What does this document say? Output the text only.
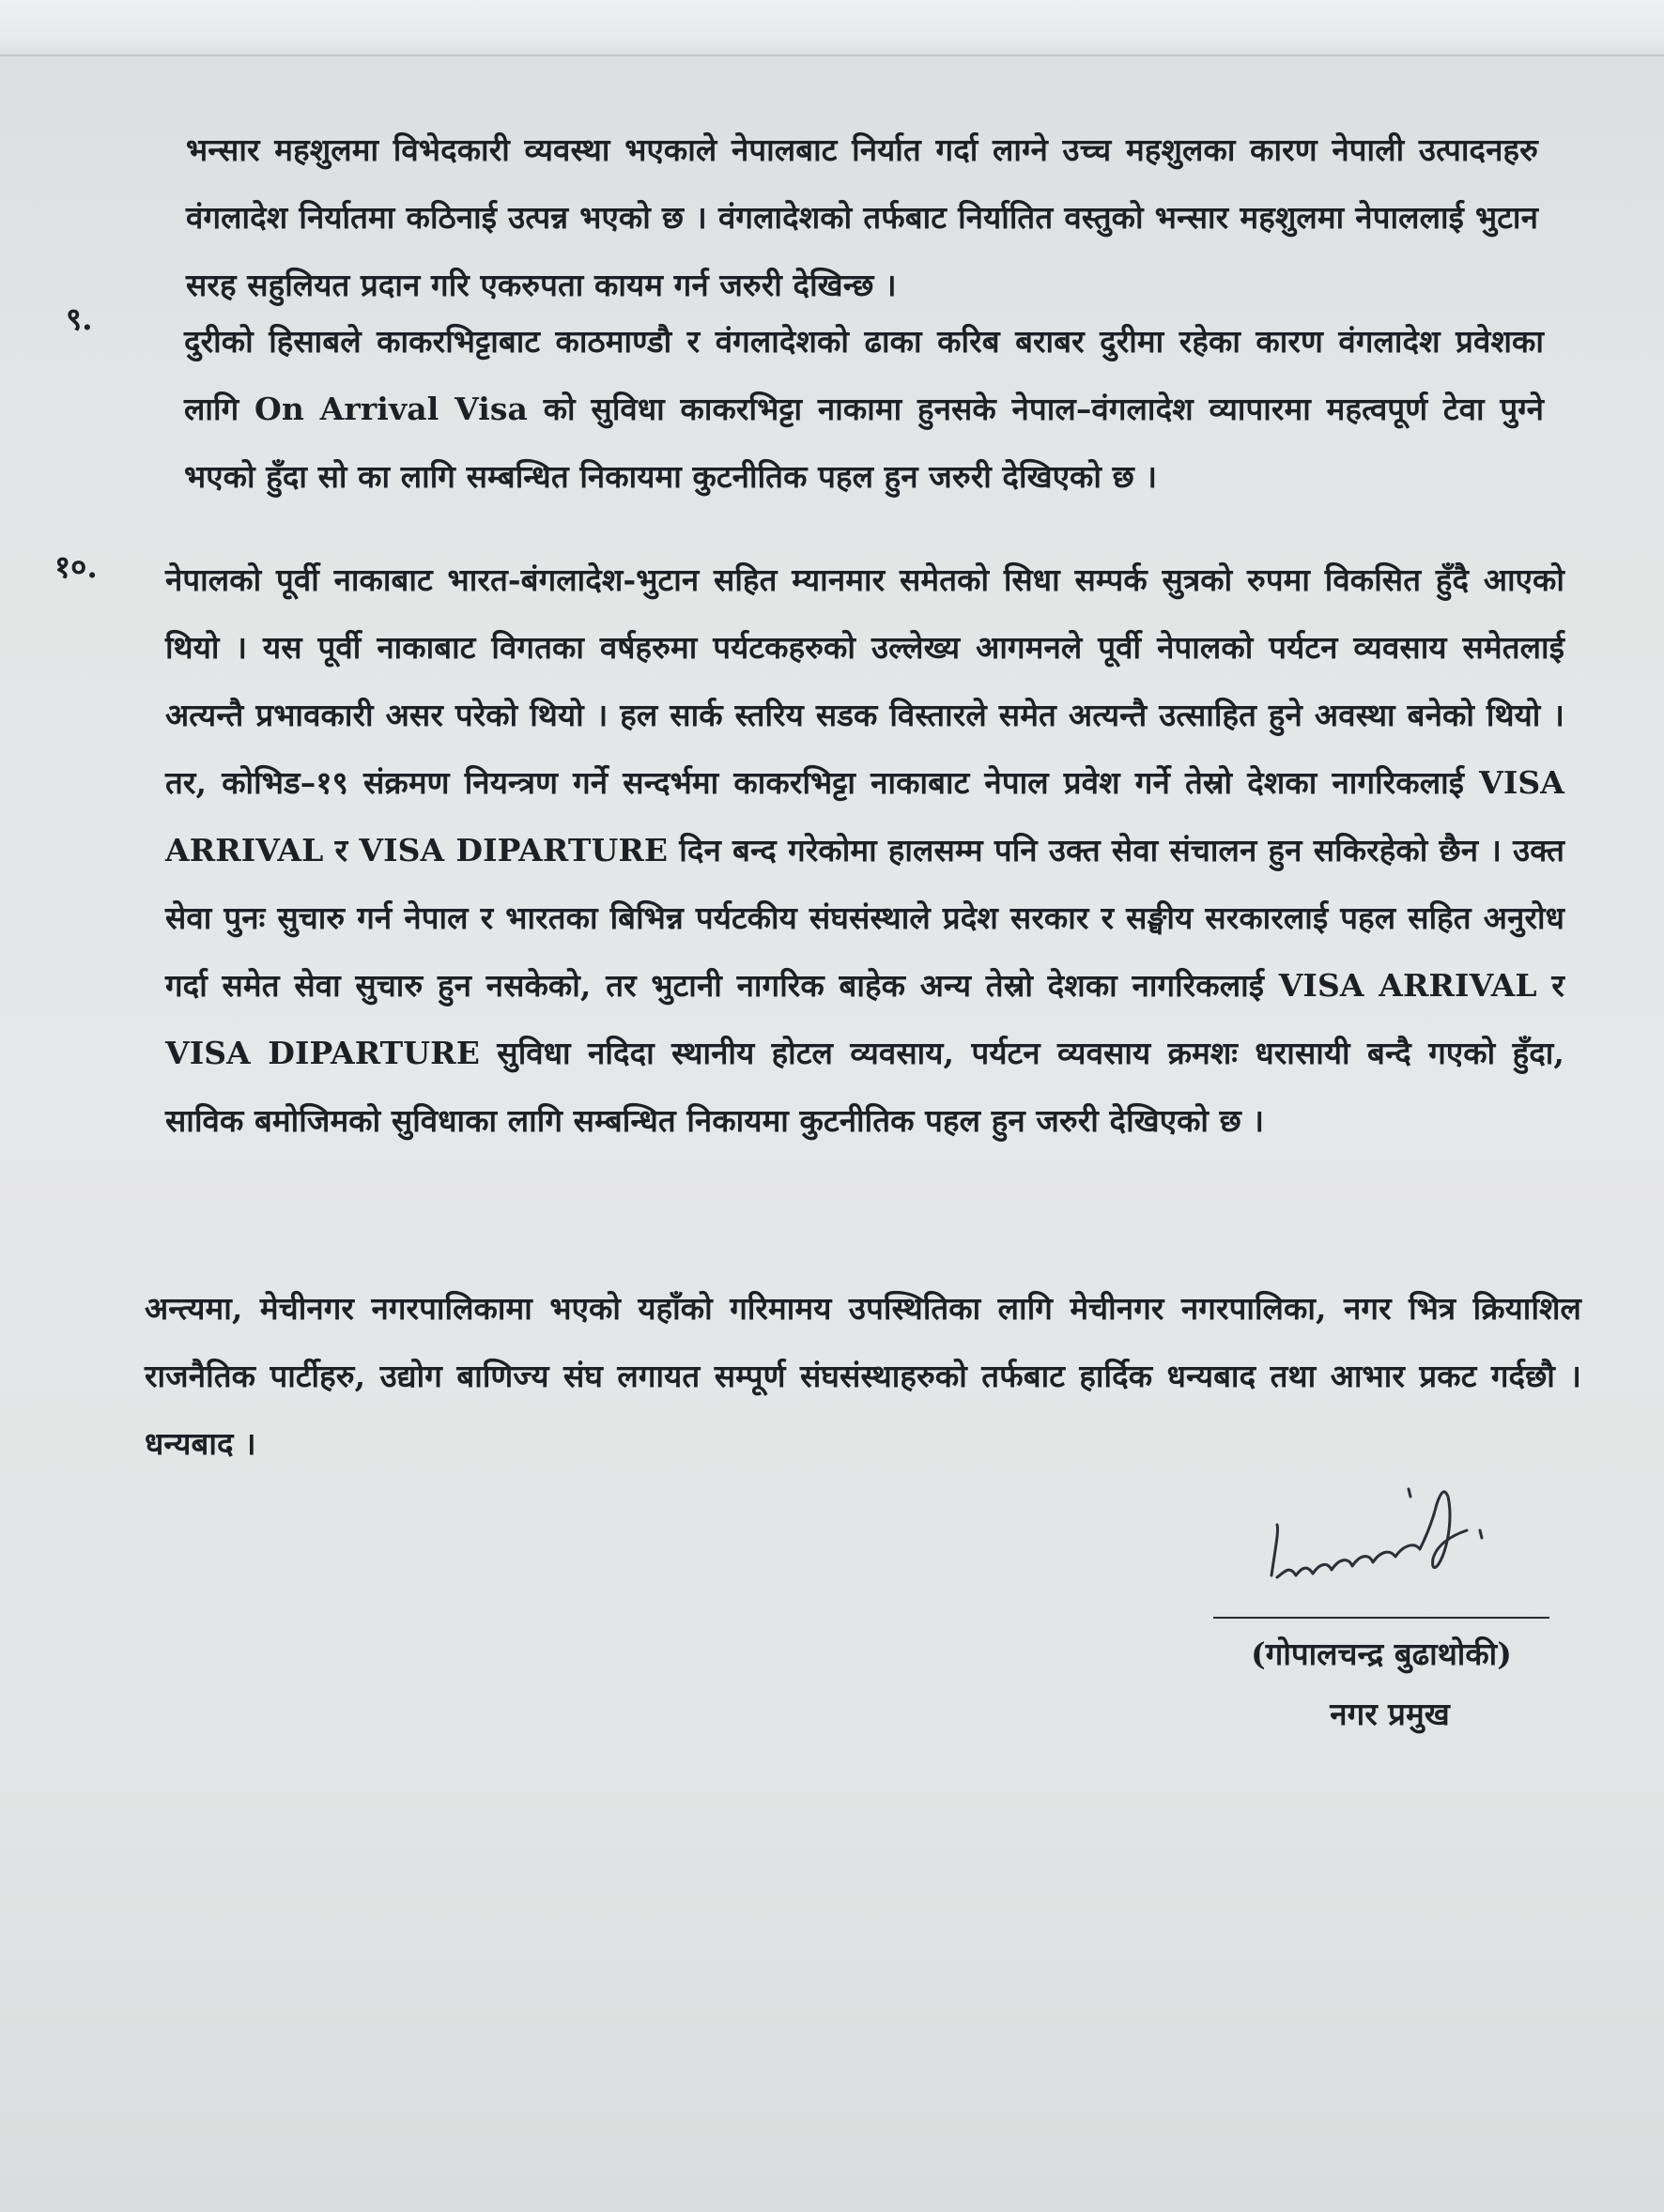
भन्सार महशुलमा विभेदकारी व्यवस्था भएकाले नेपालबाट निर्यात गर्दा लाग्ने उच्च महशुलका कारण नेपाली उत्पादनहरु वंगलादेश निर्यातमा कठिनाई उत्पन्न भएको छ । वंगलादेशको तर्फबाट निर्यातित वस्तुको भन्सार महशुलमा नेपाललाई भुटान सरह सहुलियत प्रदान गरि एकरुपता कायम गर्न जरुरी देखिन्छ ।
९.
दुरीको हिसाबले काकरभिट्टाबाट काठमाण्डौ र वंगलादेशको ढाका करिब बराबर दुरीमा रहेका कारण वंगलादेश प्रवेशका लागि On Arrival Visa को सुविधा काकरभिट्टा नाकामा हुनसके नेपाल–वंगलादेश व्यापारमा महत्वपूर्ण टेवा पुग्ने भएको हुँदा सो का लागि सम्बन्धित निकायमा कुटनीतिक पहल हुन जरुरी देखिएको छ ।
१०. नेपालको पूर्वी नाकाबाट भारत-बंगलादेश-भुटान सहित म्यानमार समेतको सिधा सम्पर्क सुत्रको रुपमा विकसित हुँदै आएको थियो । यस पूर्वी नाकाबाट विगतका वर्षहरुमा पर्यटकहरुको उल्लेख्य आगमनले पूर्वी नेपालको पर्यटन व्यवसाय समेतलाई अत्यन्तै प्रभावकारी असर परेको थियो । हल सार्क स्तरिय सडक विस्तारले समेत अत्यन्तै उत्साहित हुने अवस्था बनेको थियो । तर, कोभिड–१९ संक्रमण नियन्त्रण गर्ने सन्दर्भमा काकरभिट्टा नाकाबाट नेपाल प्रवेश गर्ने तेस्रो देशका नागरिकलाई VISA ARRIVAL र VISA DIPARTURE दिन बन्द गरेकोमा हालसम्म पनि उक्त सेवा संचालन हुन सकिरहेको छैन । उक्त सेवा पुनः सुचारु गर्न नेपाल र भारतका बिभिन्न पर्यटकीय संघसंस्थाले प्रदेश सरकार र सङ्घीय सरकारलाई पहल सहित अनुरोध गर्दा समेत सेवा सुचारु हुन नसकेको, तर भुटानी नागरिक बाहेक अन्य तेस्रो देशका नागरिकलाई VISA ARRIVAL र VISA DIPARTURE सुविधा नदिदा स्थानीय होटल व्यवसाय, पर्यटन व्यवसाय क्रमशः धरासायी बन्दै गएको हुँदा, साविक बमोजिमको सुविधाका लागि सम्बन्धित निकायमा कुटनीतिक पहल हुन जरुरी देखिएको छ ।
अन्त्यमा, मेचीनगर नगरपालिकामा भएको यहाँको गरिमामय उपस्थितिका लागि मेचीनगर नगरपालिका, नगर भित्र क्रियाशिल राजनैतिक पार्टीहरु, उद्योग बाणिज्य संघ लगायत सम्पूर्ण संघसंस्थाहरुको तर्फबाट हार्दिक धन्यबाद तथा आभार प्रकट गर्दछौ । धन्यबाद ।
(गोपालचन्द्र बुढाथोकी)
नगर प्रमुख
